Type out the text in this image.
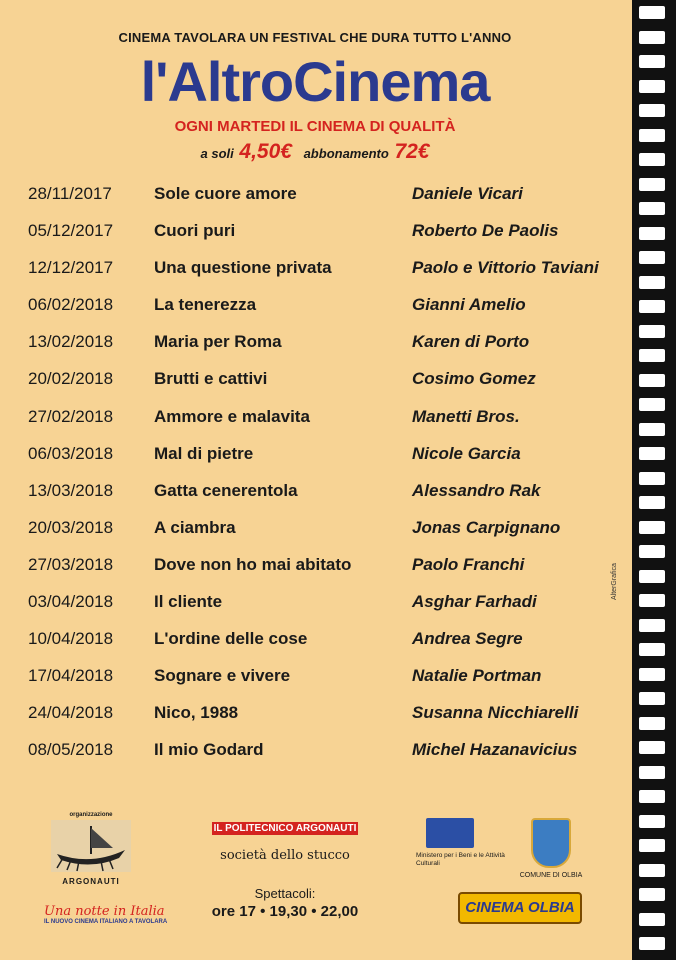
CINEMA TAVOLARA UN FESTIVAL CHE DURA TUTTO L'ANNO
l'AltroCinema
OGNI MARTEDI IL CINEMA DI QUALITÀ
a soli 4,50€ abbonamento 72€
28/11/2017 Sole cuore amore	Daniele Vicari
05/12/2017 Cuori puri	Roberto De Paolis
12/12/2017 Una questione privata	Paolo e Vittorio Taviani
06/02/2018 La tenerezza	Gianni Amelio
13/02/2018 Maria per Roma	Karen di Porto
20/02/2018 Brutti e cattivi	Cosimo Gomez
27/02/2018 Ammore e malavita	Manetti Bros.
06/03/2018 Mal di pietre	Nicole Garcia
13/03/2018 Gatta cenerentola	Alessandro Rak
20/03/2018 A ciambra	Jonas Carpignano
27/03/2018 Dove non ho mai abitato	Paolo Franchi
03/04/2018 Il cliente	Asghar Farhadi
10/04/2018 L'ordine delle cose	Andrea Segre
17/04/2018 Sognare e vivere	Natalie Portman
24/04/2018 Nico, 1988	Susanna Nicchiarelli
08/05/2018 Il mio Godard	Michel Hazanavicius
AlterGrafica
organizzazione
ARGONAUTI
Una notte in Italia
IL NUOVO CINEMA ITALIANO A TAVOLARA
IL POLITECNICO ARGONAUTI
società dello stucco
Spettacoli:
ore 17 • 19,30 • 22,00
Ministero per i Beni e le Attività Culturali
COMUNE DI OLBIA
CINEMA OLBIA
